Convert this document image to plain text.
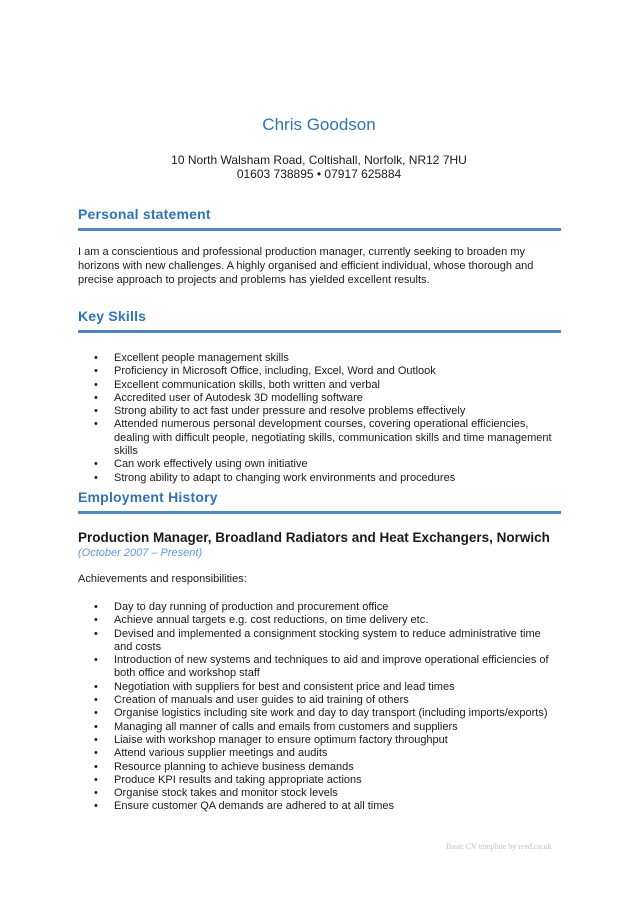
Chris Goodson
10 North Walsham Road, Coltishall, Norfolk, NR12 7HU
01603 738895 • 07917 625884
Personal statement

I am a conscientious and professional production manager, currently seeking to broaden my horizons with new challenges. A highly organised and efficient individual, whose thorough and precise approach to projects and problems has yielded excellent results.

Key Skills
• Excellent people management skills
• Proficiency in Microsoft Office, including, Excel, Word and Outlook
• Excellent communication skills, both written and verbal
• Accredited user of Autodesk 3D modelling software
• Strong ability to act fast under pressure and resolve problems effectively
• Attended numerous personal development courses, covering operational efficiencies, dealing with difficult people, negotiating skills, communication skills and time management skills
• Can work effectively using own initiative
• Strong ability to adapt to changing work environments and procedures
Employment History

Production Manager, Broadland Radiators and Heat Exchangers, Norwich

(October 2007 – Present)

Achievements and responsibilities:

• Day to day running of production and procurement office
• Achieve annual targets e.g. cost reductions, on time delivery etc.
• Devised and implemented a consignment stocking system to reduce administrative time and costs
• Introduction of new systems and techniques to aid and improve operational efficiencies of both office and workshop staff
• Negotiation with suppliers for best and consistent price and lead times
• Creation of manuals and user guides to aid training of others
• Organise logistics including site work and day to day transport (including imports/exports)
• Managing all manner of calls and emails from customers and suppliers
• Liaise with workshop manager to ensure optimum factory throughput
• Attend various supplier meetings and audits
• Resource planning to achieve business demands
• Produce KPI results and taking appropriate actions
• Organise stock takes and monitor stock levels
• Ensure customer QA demands are adhered to at all times
Basic CV template by reed.co.uk
